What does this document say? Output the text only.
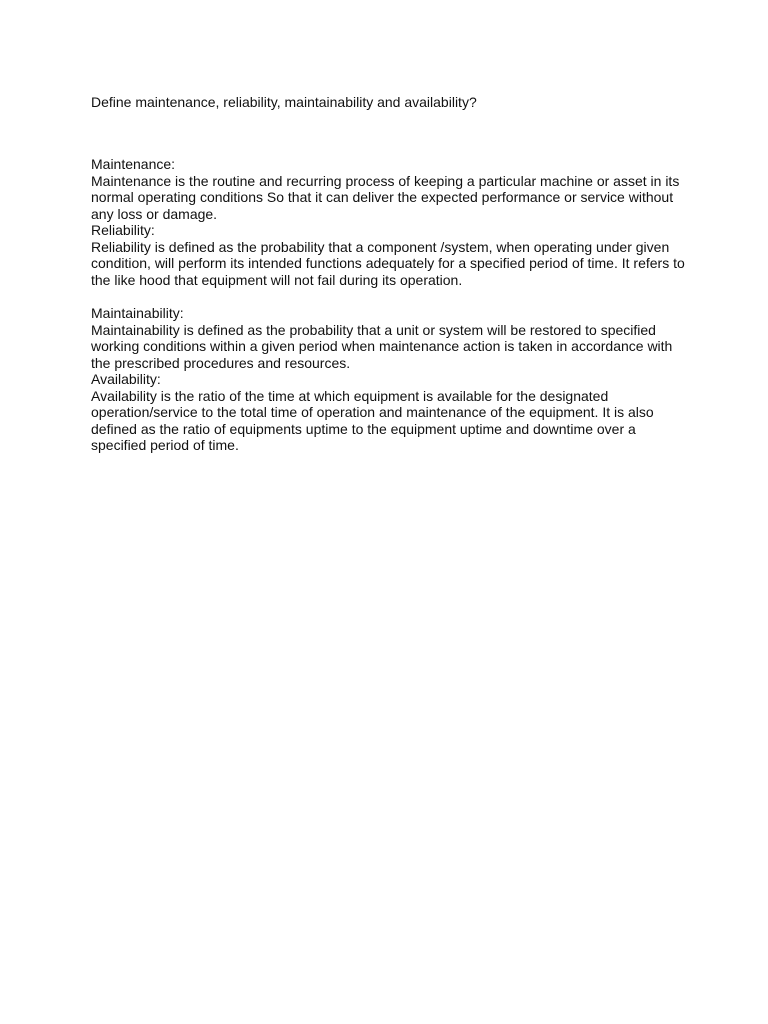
Define maintenance, reliability, maintainability and availability?

Maintenance:

Maintenance is the routine and recurring process of keeping a particular machine or asset in its

normal operating conditions So that it can deliver the expected performance or service without

any loss or damage.

Reliability:

Reliability is defined as the probability that a component /system, when operating under given

condition, will perform its intended functions adequately for a specified period of time. It refers to

the like hood that equipment will not fail during its operation.

Maintainability:

Maintainability is defined as the probability that a unit or system will be restored to specified

working conditions within a given period when maintenance action is taken in accordance with

the prescribed procedures and resources.

Availability:

Availability is the ratio of the time at which equipment is available for the designated

operation/service to the total time of operation and maintenance of the equipment. It is also

defined as the ratio of equipments uptime to the equipment uptime and downtime over a

specified period of time.
